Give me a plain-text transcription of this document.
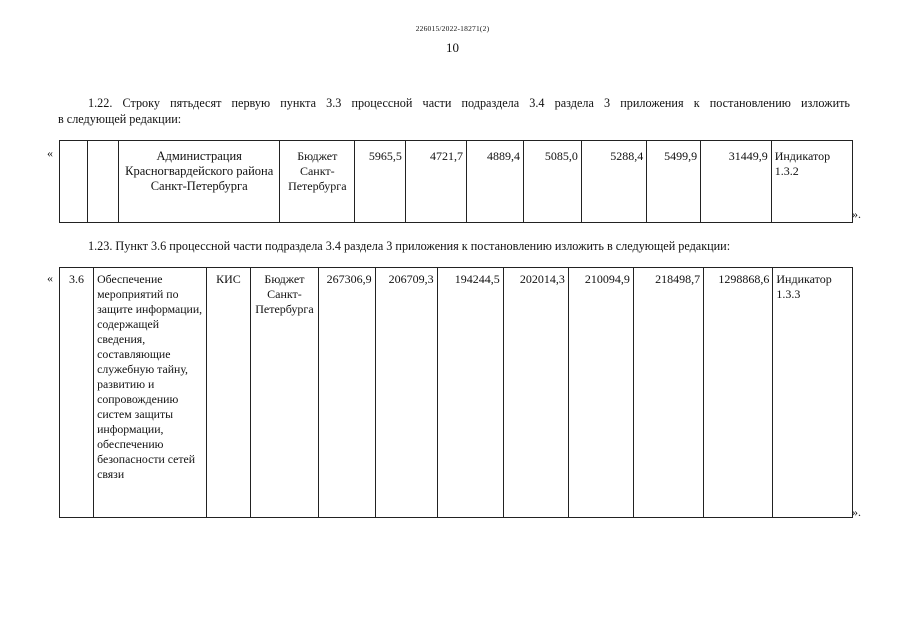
226015/2022-18271(2)
10
1.22. Строку пятьдесят первую пункта 3.3 процессной части подраздела 3.4 раздела 3 приложения к постановлению изложить
в следующей редакции:
«
			Администрация Красногвардейского района Санкт-Петербурга	Бюджет Санкт-Петербурга	5965,5	4721,7	4889,4	5085,0	5288,4	5499,9	31449,9	Индикатор 1.3.2
».
1.23. Пункт 3.6 процессной части подраздела 3.4 раздела 3 приложения к постановлению изложить в следующей редакции:
« 3.6	Обеспечение мероприятий по защите информации, содержащей сведения, составляющие служебную тайну, развитию и сопровождению систем защиты информации, обеспечению безопасности сетей связи	КИС	Бюджет Санкт-Петербурга	267306,9	206709,3	194244,5	202014,3	210094,9	218498,7	1298868,6	Индикатор 1.3.3
».
